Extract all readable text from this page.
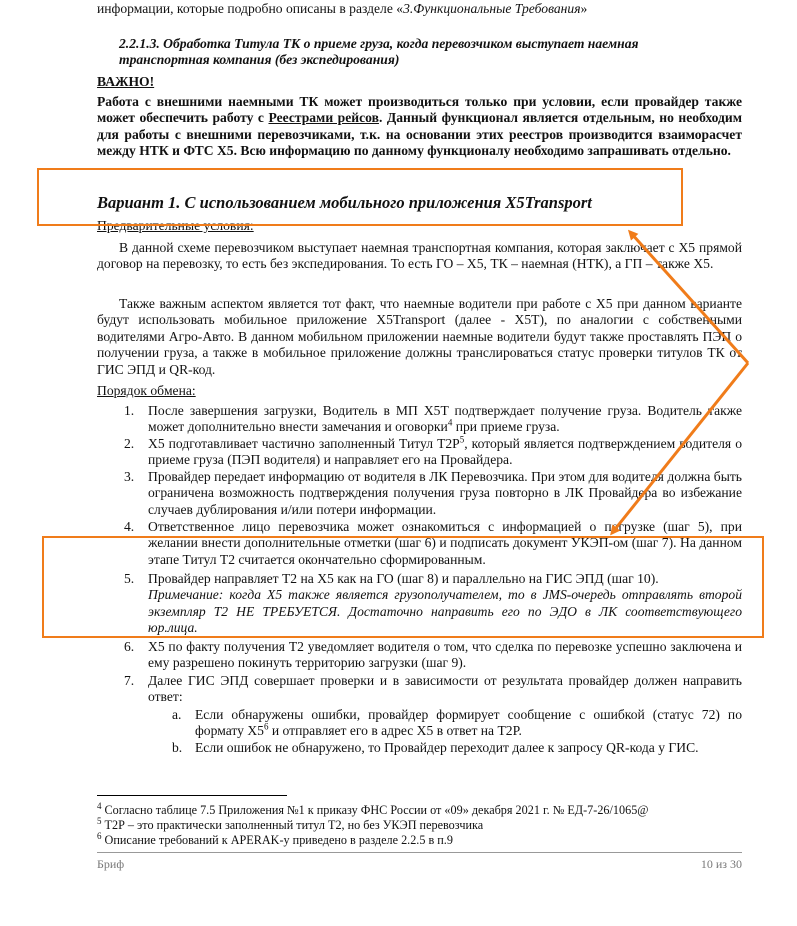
информации, которые подробно описаны в разделе «3.Функциональные Требования»
2.2.1.3. Обработка Титула ТК о приеме груза, когда перевозчиком выступает наемная транспортная компания (без экспедирования)
ВАЖНО!
Работа с внешними наемными ТК может производиться только при условии, если провайдер также может обеспечить работу с Реестрами рейсов. Данный функционал является отдельным, но необходим для работы с внешними перевозчиками, т.к. на основании этих реестров производится взаиморасчет между НТК и ФТС Х5. Всю информацию по данному функционалу необходимо запрашивать отдельно.
Вариант 1. С использованием мобильного приложения X5Transport
Предварительные условия:
В данной схеме перевозчиком выступает наемная транспортная компания, которая заключает с Х5 прямой договор на перевозку, то есть без экспедирования. То есть ГО – Х5, ТК – наемная (НТК), а ГП – также Х5.
Также важным аспектом является тот факт, что наемные водители при работе с Х5 при данном варианте будут использовать мобильное приложение X5Transport (далее - X5T), по аналогии с собственными водителями Агро-Авто. В данном мобильном приложении наемные водители будут также проставлять ПЭП о получении груза, а также в мобильное приложение должны транслироваться статус проверки титулов ТК от ГИС ЭПД и QR-код.
Порядок обмена:
1. После завершения загрузки, Водитель в МП X5T подтверждает получение груза. Водитель также может дополнительно внести замечания и оговорки$^4$ при приеме груза.

2. Х5 подготавливает частично заполненный Титул $Т2Р^5$, который является подтверждением водителя о приеме груза (ПЭП водителя) и направляет его на Провайдера.

3. Провайдер передает информацию от водителя в ЛК Перевозчика. При этом для водителя должна быть ограничена возможность подтверждения получения груза повторно в ЛК Провайдера во избежание случаев дублирования и/или потери информации.

4. Ответственное лицо перевозчика может ознакомиться с информацией о погрузке (шаг 5), при желании внести дополнительные отметки (шаг 6) и подписать документ УКЭП-ом (шаг 7). На данном этапе Титул Т2 считается окончательно сформированным.

5. Провайдер направляет Т2 на Х5 как на ГО (шаг 8) и параллельно на ГИС ЭПД (шаг 10).

Примечание: когда Х5 также является грузополучателем, то в JMS-очередь отправлять второй экземпляр Т2 НЕ ТРЕБУЕТСЯ. Достаточно направить его по ЭДО в ЛК соответствующего юр.лица.

6. Х5 по факту получения Т2 уведомляет водителя о том, что сделка по перевозке успешно заключена и ему разрешено покинуть территорию загрузки (шаг 9).

7. Далее ГИС ЭПД совершает проверки и в зависимости от результата провайдер должен направить ответ:

a. Если обнаружены ошибки, провайдер формирует сообщение с ошибкой (статус 72) по формату $Х5^6$ и отправляет его в адрес Х5 в ответ на Т2Р.

b. Если ошибок не обнаружено, то Провайдер переходит далее к запросу QR-кода у ГИС.

$^4$ Согласно таблице 7.5 Приложения №1 к приказу ФНС России от «09» декабря 2021 г. № ЕД-7-26/1065@
$^5$ Т2Р – это практически заполненный титул Т2, но без УКЭП перевозчика
$^6$ Описание требований к APERAK-у приведено в разделе 2.2.5 в п.9
Бриф	10 из 30
